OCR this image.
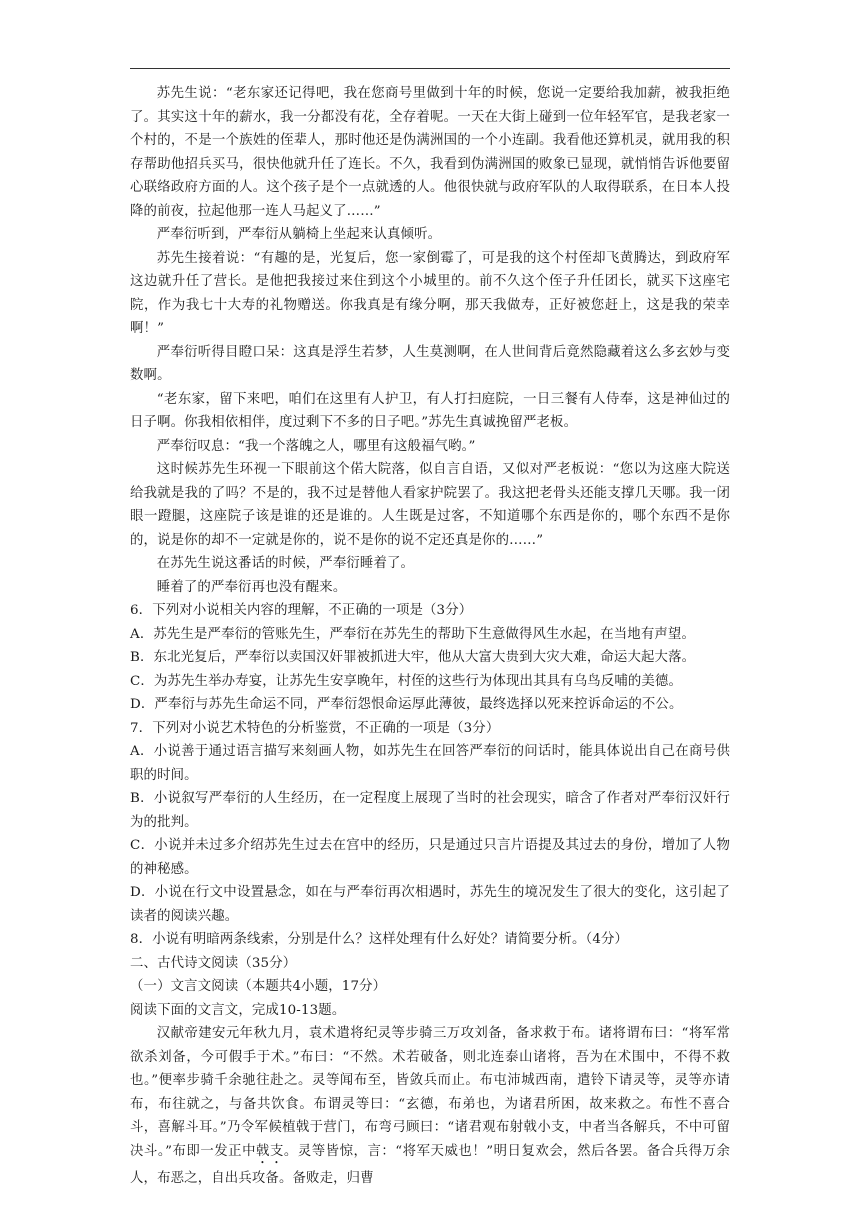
苏先生说：“老东家还记得吧，我在您商号里做到十年的时候，您说一定要给我加薪，被我拒绝了。其实这十年的薪水，我一分都没有花，全存着呢。一天在大街上碰到一位年轻军官，是我老家一个村的，不是一个族姓的侄辈人，那时他还是伪满洲国的一个小连副。我看他还算机灵，就用我的积存帮助他招兵买马，很快他就升任了连长。不久，我看到伪满洲国的败象已显现，就悄悄告诉他要留心联络政府方面的人。这个孩子是个一点就透的人。他很快就与政府军队的人取得联系，在日本人投降的前夜，拉起他那一连人马起义了……”

严奉衍听到，严奉衍从躺椅上坐起来认真倾听。

苏先生接着说：“有趣的是，光复后，您一家倒霉了，可是我的这个村侄却飞黄腾达，到政府军这边就升任了营长。是他把我接过来住到这个小城里的。前不久这个侄子升任团长，就买下这座宅院，作为我七十大寿的礼物赠送。你我真是有缘分啊，那天我做寿，正好被您赶上，这是我的荣幸啊！”

严奉衍听得目瞪口呆：这真是浮生若梦，人生莫测啊，在人世间背后竟然隐藏着这么多玄妙与变数啊。

“老东家，留下来吧，咱们在这里有人护卫，有人打扫庭院，一日三餐有人侍奉，这是神仙过的日子啊。你我相依相伴，度过剩下不多的日子吧。”苏先生真诚挽留严老板。

严奉衍叹息：“我一个落魄之人，哪里有这般福气哟。”

这时候苏先生环视一下眼前这个偌大院落，似自言自语，又似对严老板说：“您以为这座大院送给我就是我的了吗？不是的，我不过是替他人看家护院罢了。我这把老骨头还能支撑几天哪。我一闭眼一蹬腿，这座院子该是谁的还是谁的。人生既是过客，不知道哪个东西是你的，哪个东西不是你的，说是你的却不一定就是你的，说不是你的说不定还真是你的……”

在苏先生说这番话的时候，严奉衍睡着了。

睡着了的严奉衍再也没有醒来。

6．下列对小说相关内容的理解，不正确的一项是（3分）

A．苏先生是严奉衍的管账先生，严奉衍在苏先生的帮助下生意做得风生水起，在当地有声望。

B．东北光复后，严奉衍以卖国汉奸罪被抓进大牢，他从大富大贵到大灾大难，命运大起大落。

C．为苏先生举办寿宴，让苏先生安享晚年，村侄的这些行为体现出其具有乌鸟反哺的美德。

D．严奉衍与苏先生命运不同，严奉衍怨恨命运厚此薄彼，最终选择以死来控诉命运的不公。

7．下列对小说艺术特色的分析鉴赏，不正确的一项是（3分）

A．小说善于通过语言描写来刻画人物，如苏先生在回答严奉衍的问话时，能具体说出自己在商号供职的时间。

B．小说叙写严奉衍的人生经历，在一定程度上展现了当时的社会现实，暗含了作者对严奉衍汉奸行为的批判。

C．小说并未过多介绍苏先生过去在宫中的经历，只是通过只言片语提及其过去的身份，增加了人物的神秘感。

D．小说在行文中设置悬念，如在与严奉衍再次相遇时，苏先生的境况发生了很大的变化，这引起了读者的阅读兴趣。

8．小说有明暗两条线索，分别是什么？这样处理有什么好处？请简要分析。（4分）

二、古代诗文阅读（35分）

（一）文言文阅读（本题共4小题，17分）

阅读下面的文言文，完成10-13题。

汉献帝建安元年秋九月，袁术遣将纪灵等步骑三万攻刘备，备求救于布。诸将谓布曰：“将军常欲杀刘备，今可假手于术。”布曰：“不然。术若破备，则北连泰山诸将，吾为在术围中，不得不救也。”便率步骑千余驰往赴之。灵等闻布至，皆敛兵而止。布屯沛城西南，遣铃下请灵等，灵等亦请布，布往就之，与备共饮食。布谓灵等曰：“玄德，布弟也，为诸君所困，故来救之。布性不喜合斗，喜解斗耳。”乃令军候植戟于营门，布弯弓顾曰：“诸君观布射戟小支，中者当各解兵，不中可留决斗。”布即一发正中戟支。灵等皆惊，言：“将军天威也！”明日复欢会，然后各罢。备合兵得万余人，布恶之，自出兵攻备。备败走，归曹
